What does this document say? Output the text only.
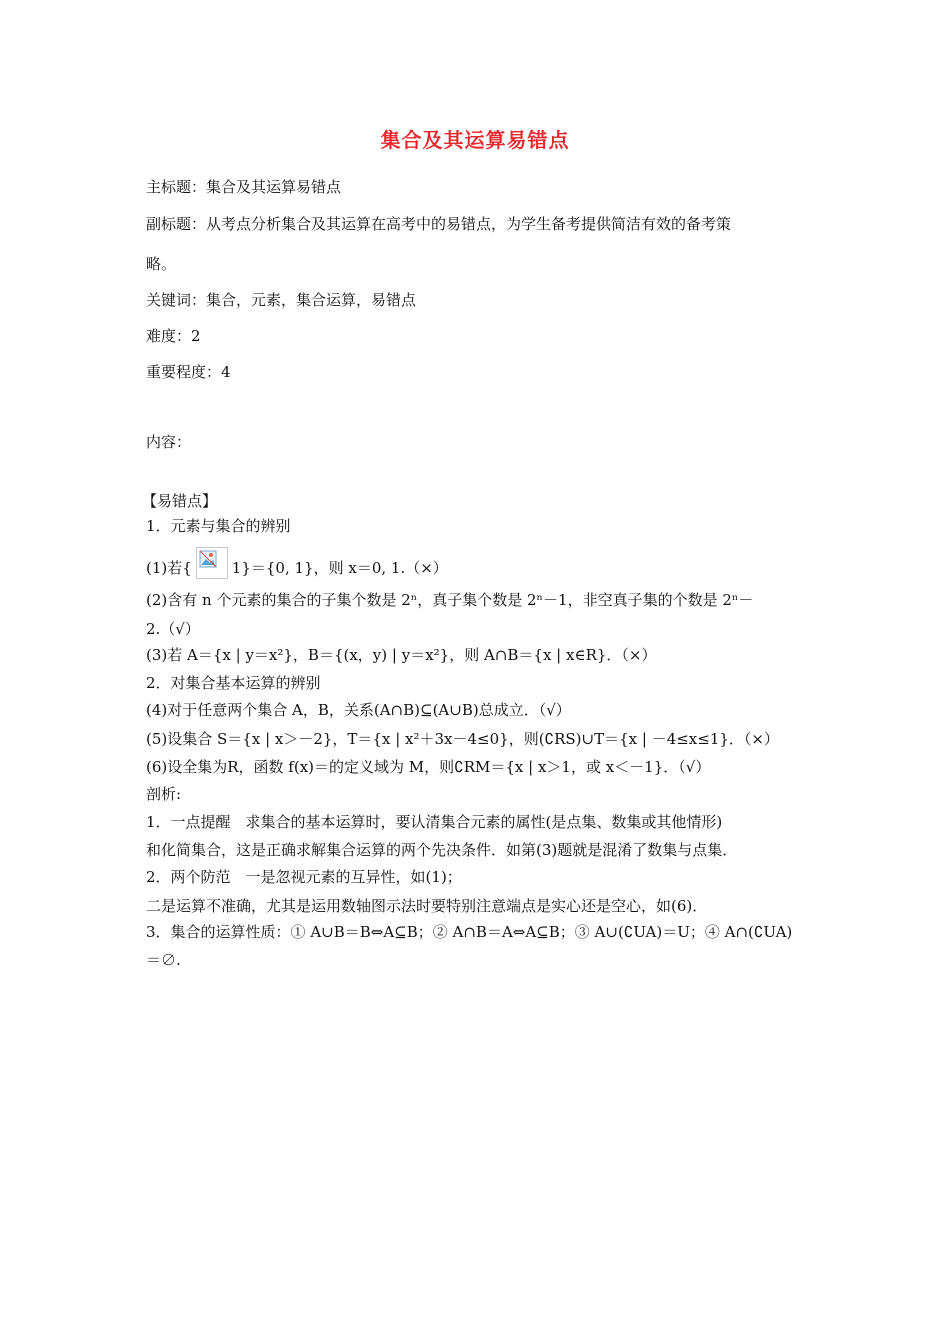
集合及其运算易错点
主标题：集合及其运算易错点
副标题：从考点分析集合及其运算在高考中的易错点，为学生备考提供简洁有效的备考策
略。
关键词：集合，元素，集合运算，易错点
难度：2
重要程度：4
内容：
【易错点】
1．元素与集合的辨别
(1)若{	1}＝{0, 1}，则 x＝0, 1.（×）
(2)含有 n 个元素的集合的子集个数是 2ⁿ，真子集个数是 2ⁿ－1，非空真子集的个数是 2ⁿ－
2.（√）
(3)若 A＝{x | y＝x²}，B＝{(x，y) | y＝x²}，则 A∩B＝{x | x∈R}．（×）
2．对集合基本运算的辨别
(4)对于任意两个集合 A，B，关系(A∩B)⊆(A∪B)总成立．（√）
(5)设集合 S＝{x | x＞－2}，T＝{x | x²＋3x－4≤0}，则(∁RS)∪T＝{x | －4≤x≤1}．（×）
(6)设全集为R，函数 f(x)＝的定义域为 M，则∁RM＝{x | x＞1，或 x＜－1}．（√）
剖析:
1．一点提醒　求集合的基本运算时，要认清集合元素的属性(是点集、数集或其他情形)
和化简集合，这是正确求解集合运算的两个先决条件．如第(3)题就是混淆了数集与点集．
2．两个防范　一是忽视元素的互异性，如(1)；
二是运算不准确，尤其是运用数轴图示法时要特别注意端点是实心还是空心，如(6)．
3．集合的运算性质：① A∪B＝B⇔A⊆B；② A∩B＝A⇔A⊆B；③ A∪(∁UA)＝U；④ A∩(∁UA)
＝∅.
